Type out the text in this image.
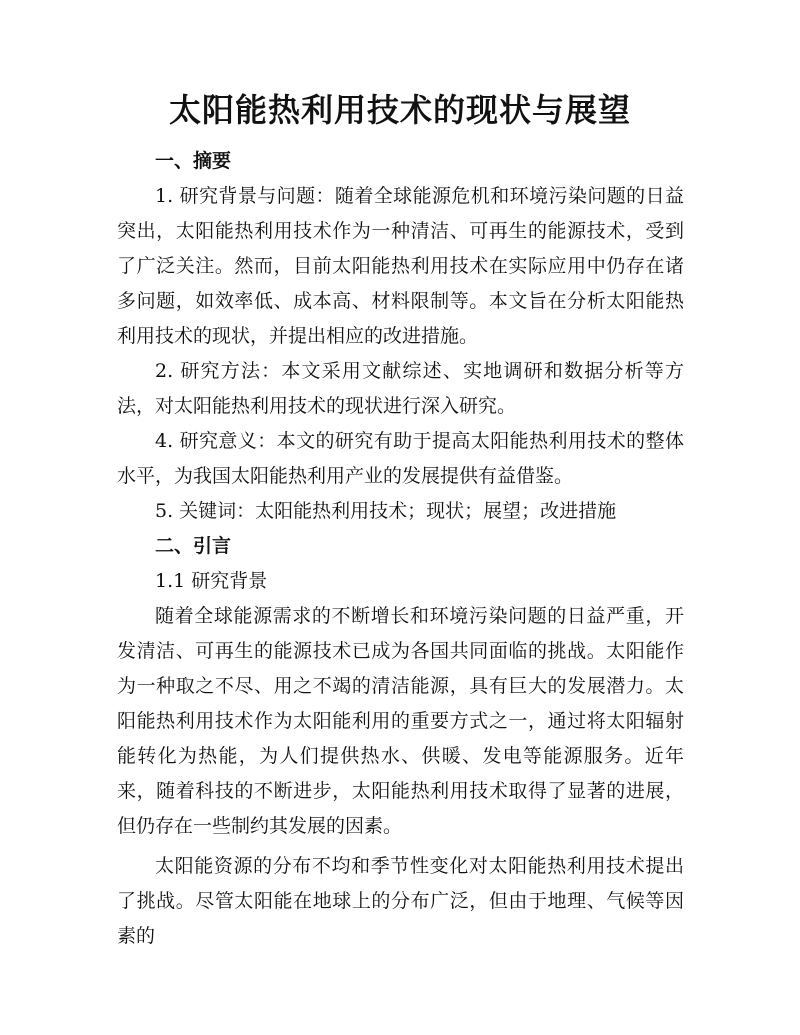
太阳能热利用技术的现状与展望

一、摘要

1. 研究背景与问题：随着全球能源危机和环境污染问题的日益突出，太阳能热利用技术作为一种清洁、可再生的能源技术，受到了广泛关注。然而，目前太阳能热利用技术在实际应用中仍存在诸多问题，如效率低、成本高、材料限制等。本文旨在分析太阳能热利用技术的现状，并提出相应的改进措施。

2. 研究方法：本文采用文献综述、实地调研和数据分析等方法，对太阳能热利用技术的现状进行深入研究。

4. 研究意义：本文的研究有助于提高太阳能热利用技术的整体水平，为我国太阳能热利用产业的发展提供有益借鉴。

5. 关键词：太阳能热利用技术；现状；展望；改进措施

二、引言

1.1 研究背景

随着全球能源需求的不断增长和环境污染问题的日益严重，开发清洁、可再生的能源技术已成为各国共同面临的挑战。太阳能作为一种取之不尽、用之不竭的清洁能源，具有巨大的发展潜力。太阳能热利用技术作为太阳能利用的重要方式之一，通过将太阳辐射能转化为热能，为人们提供热水、供暖、发电等能源服务。近年来，随着科技的不断进步，太阳能热利用技术取得了显著的进展，但仍存在一些制约其发展的因素。

太阳能资源的分布不均和季节性变化对太阳能热利用技术提出了挑战。尽管太阳能在地球上的分布广泛，但由于地理、气候等因素的
